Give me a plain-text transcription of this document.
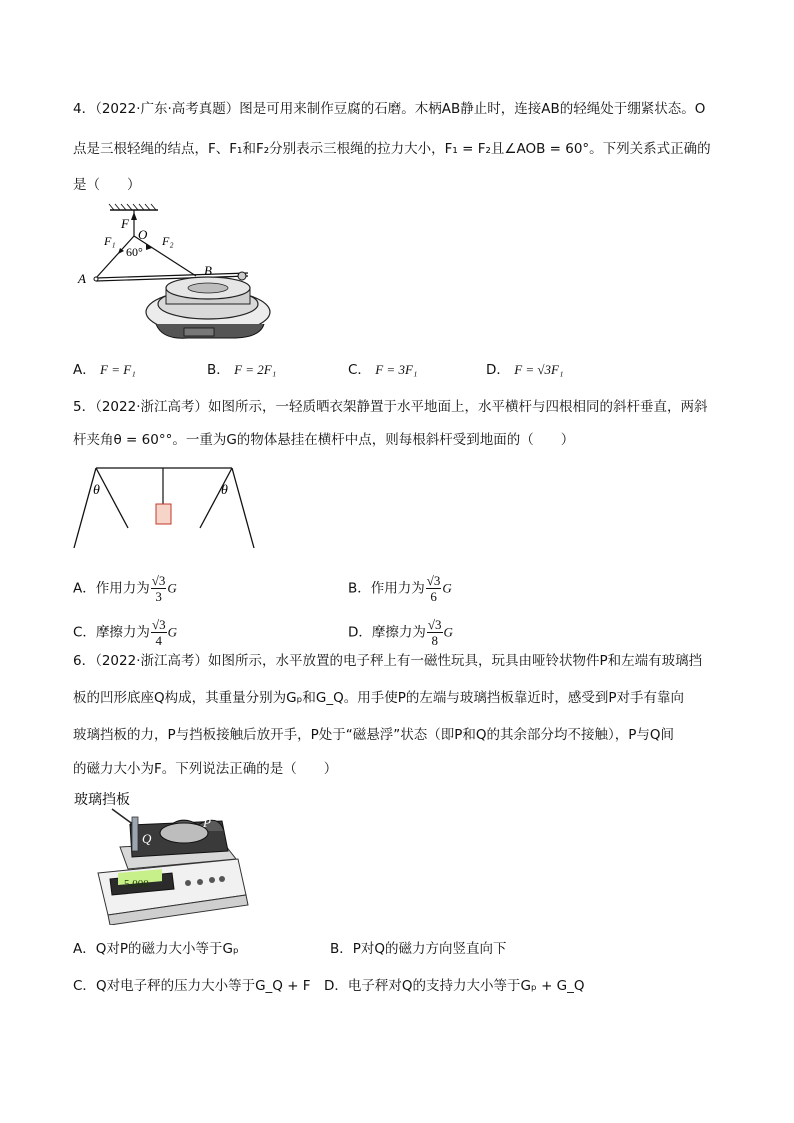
4．（2022·广东·高考真题）图是可用来制作豆腐的石磨。木柄AB静止时，连接AB的轻绳处于绷紧状态。O
点是三根轻绳的结点，F、F₁和F₂分别表示三根绳的拉力大小，F₁ = F₂且∠AOB = 60°。下列关系式正确的
是（　　）
F
F₁	F₂
O
60°
A
B
A． F = F₁	B． F = 2F₁	C． F = 3F₁	D． F = √3F₁
5．（2022·浙江高考）如图所示，一轻质晒衣架静置于水平地面上，水平横杆与四根相同的斜杆垂直，两斜
杆夹角θ = 60°°。一重为G的物体悬挂在横杆中点，则每根斜杆受到地面的（　　）
θ	θ
A．作用力为 $\frac{√3}{3}$ G	B．作用力为 $\frac{√3}{6}$ G
C．摩擦力为 $\frac{√3}{4}$ G	D．摩擦力为 $\frac{√3}{8}$ G
6．（2022·浙江高考）如图所示，水平放置的电子秤上有一磁性玩具，玩具由哑铃状物件P和左端有玻璃挡
板的凹形底座Q构成，其重量分别为Gₚ和G_Q。用手使P的左端与玻璃挡板靠近时，感受到P对手有靠向
玻璃挡板的力，P与挡板接触后放开手，P处于“磁悬浮”状态（即P和Q的其余部分均不接触），P与Q间
的磁力大小为F。下列说法正确的是（　　）
玻璃挡板
Q
P
5.000
A．Q对P的磁力大小等于Gₚ	B．P对Q的磁力方向竖直向下
C．Q对电子秤的压力大小等于G_Q + F D．电子秤对Q的支持力大小等于Gₚ + G_Q
